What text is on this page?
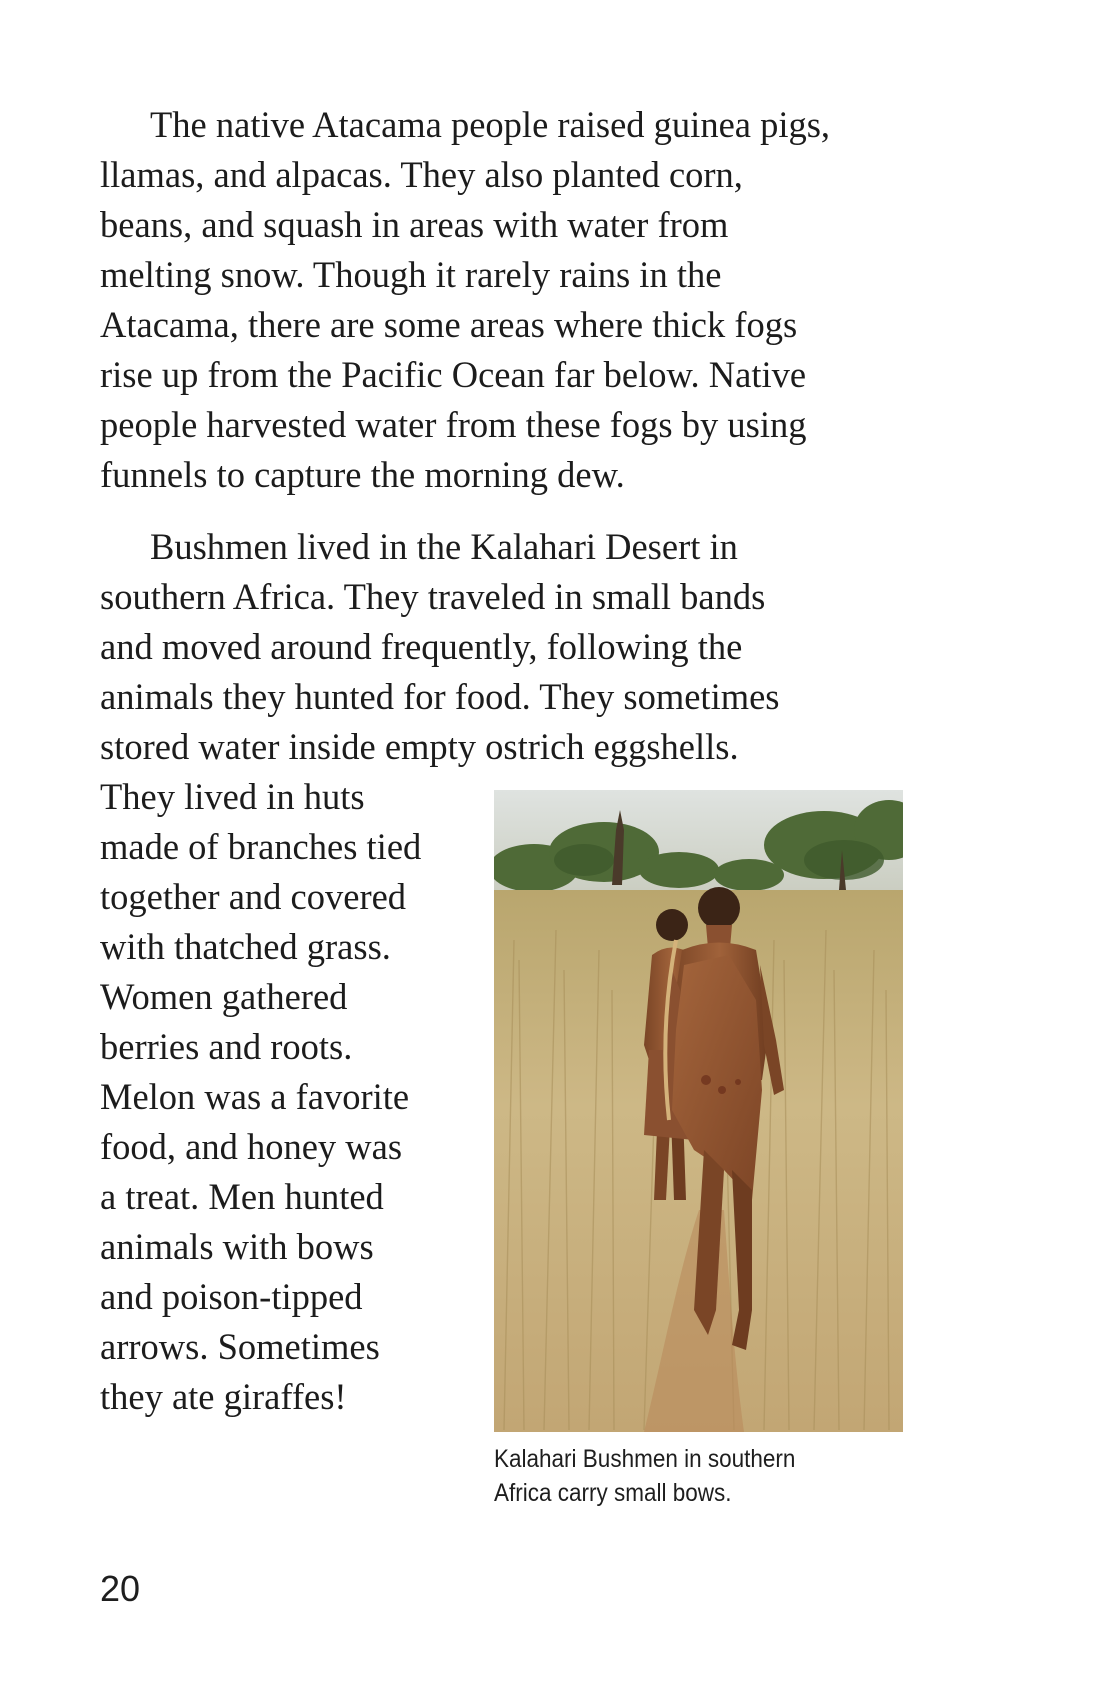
The native Atacama people raised guinea pigs,
llamas, and alpacas. They also planted corn,
beans, and squash in areas with water from
melting snow. Though it rarely rains in the
Atacama, there are some areas where thick fogs
rise up from the Pacific Ocean far below. Native
people harvested water from these fogs by using
funnels to capture the morning dew.

Bushmen lived in the Kalahari Desert in
southern Africa. They traveled in small bands
and moved around frequently, following the
animals they hunted for food. They sometimes
stored water inside empty ostrich eggshells.

They lived in huts
made of branches tied
together and covered
with thatched grass.
Women gathered
berries and roots.
Melon was a favorite
food, and honey was
a treat. Men hunted
animals with bows
and poison-tipped
arrows. Sometimes
they ate giraffes!

Kalahari Bushmen in southern
Africa carry small bows.
20
